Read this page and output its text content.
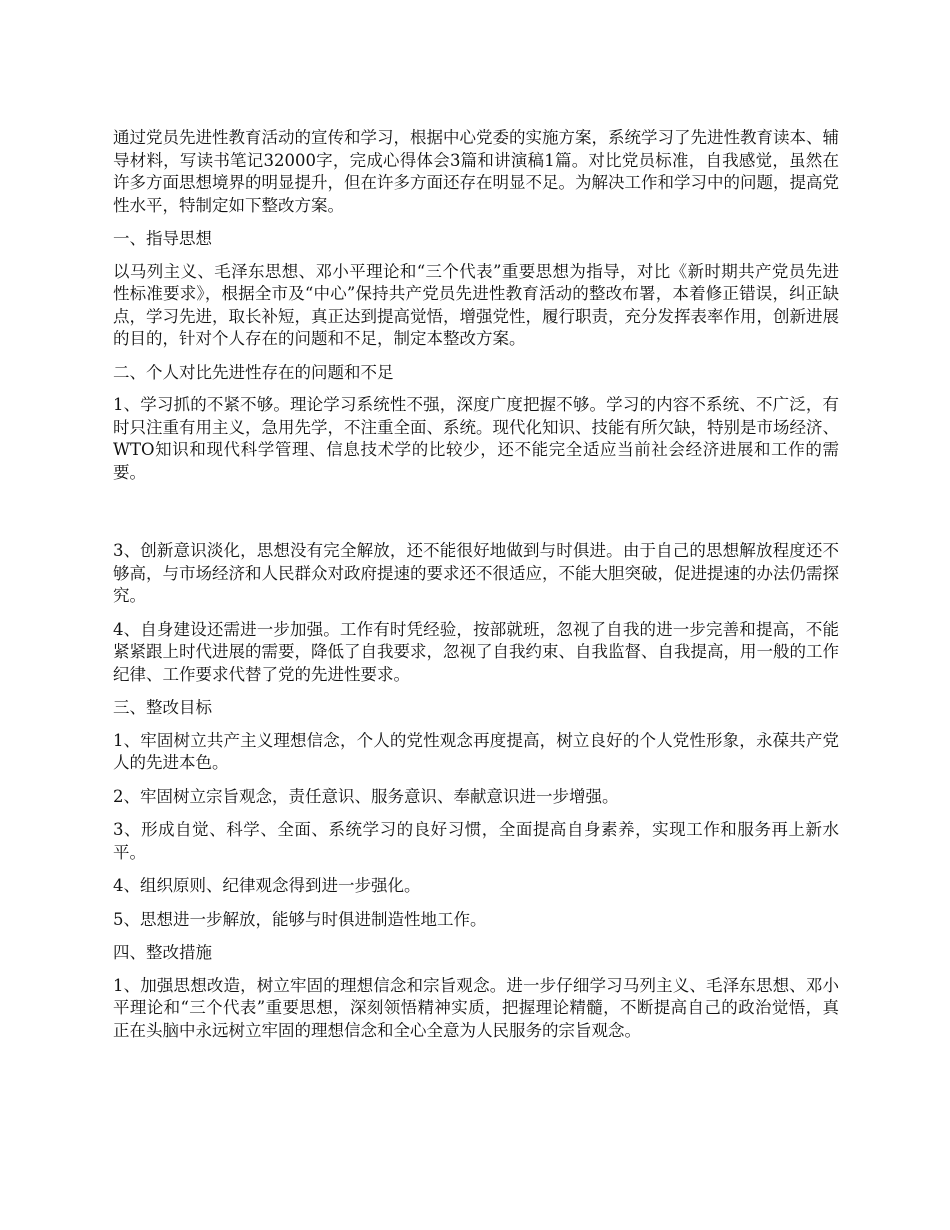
通过党员先进性教育活动的宣传和学习，根据中心党委的实施方案，系统学习了先进性教育读本、辅导材料，写读书笔记32000字，完成心得体会3篇和讲演稿1篇。对比党员标准，自我感觉，虽然在许多方面思想境界的明显提升，但在许多方面还存在明显不足。为解决工作和学习中的问题，提高党性水平，特制定如下整改方案。

一、指导思想

以马列主义、毛泽东思想、邓小平理论和“三个代表”重要思想为指导，对比《新时期共产党员先进性标准要求》，根据全市及“中心”保持共产党员先进性教育活动的整改布署，本着修正错误，纠正缺点，学习先进，取长补短，真正达到提高觉悟，增强党性，履行职责，充分发挥表率作用，创新进展的目的，针对个人存在的问题和不足，制定本整改方案。

二、个人对比先进性存在的问题和不足

1、学习抓的不紧不够。理论学习系统性不强，深度广度把握不够。学习的内容不系统、不广泛，有时只注重有用主义，急用先学，不注重全面、系统。现代化知识、技能有所欠缺，特别是市场经济、WTO知识和现代科学管理、信息技术学的比较少，还不能完全适应当前社会经济进展和工作的需要。

3、创新意识淡化，思想没有完全解放，还不能很好地做到与时俱进。由于自己的思想解放程度还不够高，与市场经济和人民群众对政府提速的要求还不很适应，不能大胆突破，促进提速的办法仍需探究。

4、自身建设还需进一步加强。工作有时凭经验，按部就班，忽视了自我的进一步完善和提高，不能紧紧跟上时代进展的需要，降低了自我要求，忽视了自我约束、自我监督、自我提高，用一般的工作纪律、工作要求代替了党的先进性要求。

三、整改目标

1、牢固树立共产主义理想信念，个人的党性观念再度提高，树立良好的个人党性形象，永葆共产党人的先进本色。

2、牢固树立宗旨观念，责任意识、服务意识、奉献意识进一步增强。

3、形成自觉、科学、全面、系统学习的良好习惯，全面提高自身素养，实现工作和服务再上新水平。

4、组织原则、纪律观念得到进一步强化。

5、思想进一步解放，能够与时俱进制造性地工作。

四、整改措施

1、加强思想改造，树立牢固的理想信念和宗旨观念。进一步仔细学习马列主义、毛泽东思想、邓小平理论和“三个代表”重要思想，深刻领悟精神实质，把握理论精髓，不断提高自己的政治觉悟，真正在头脑中永远树立牢固的理想信念和全心全意为人民服务的宗旨观念。
